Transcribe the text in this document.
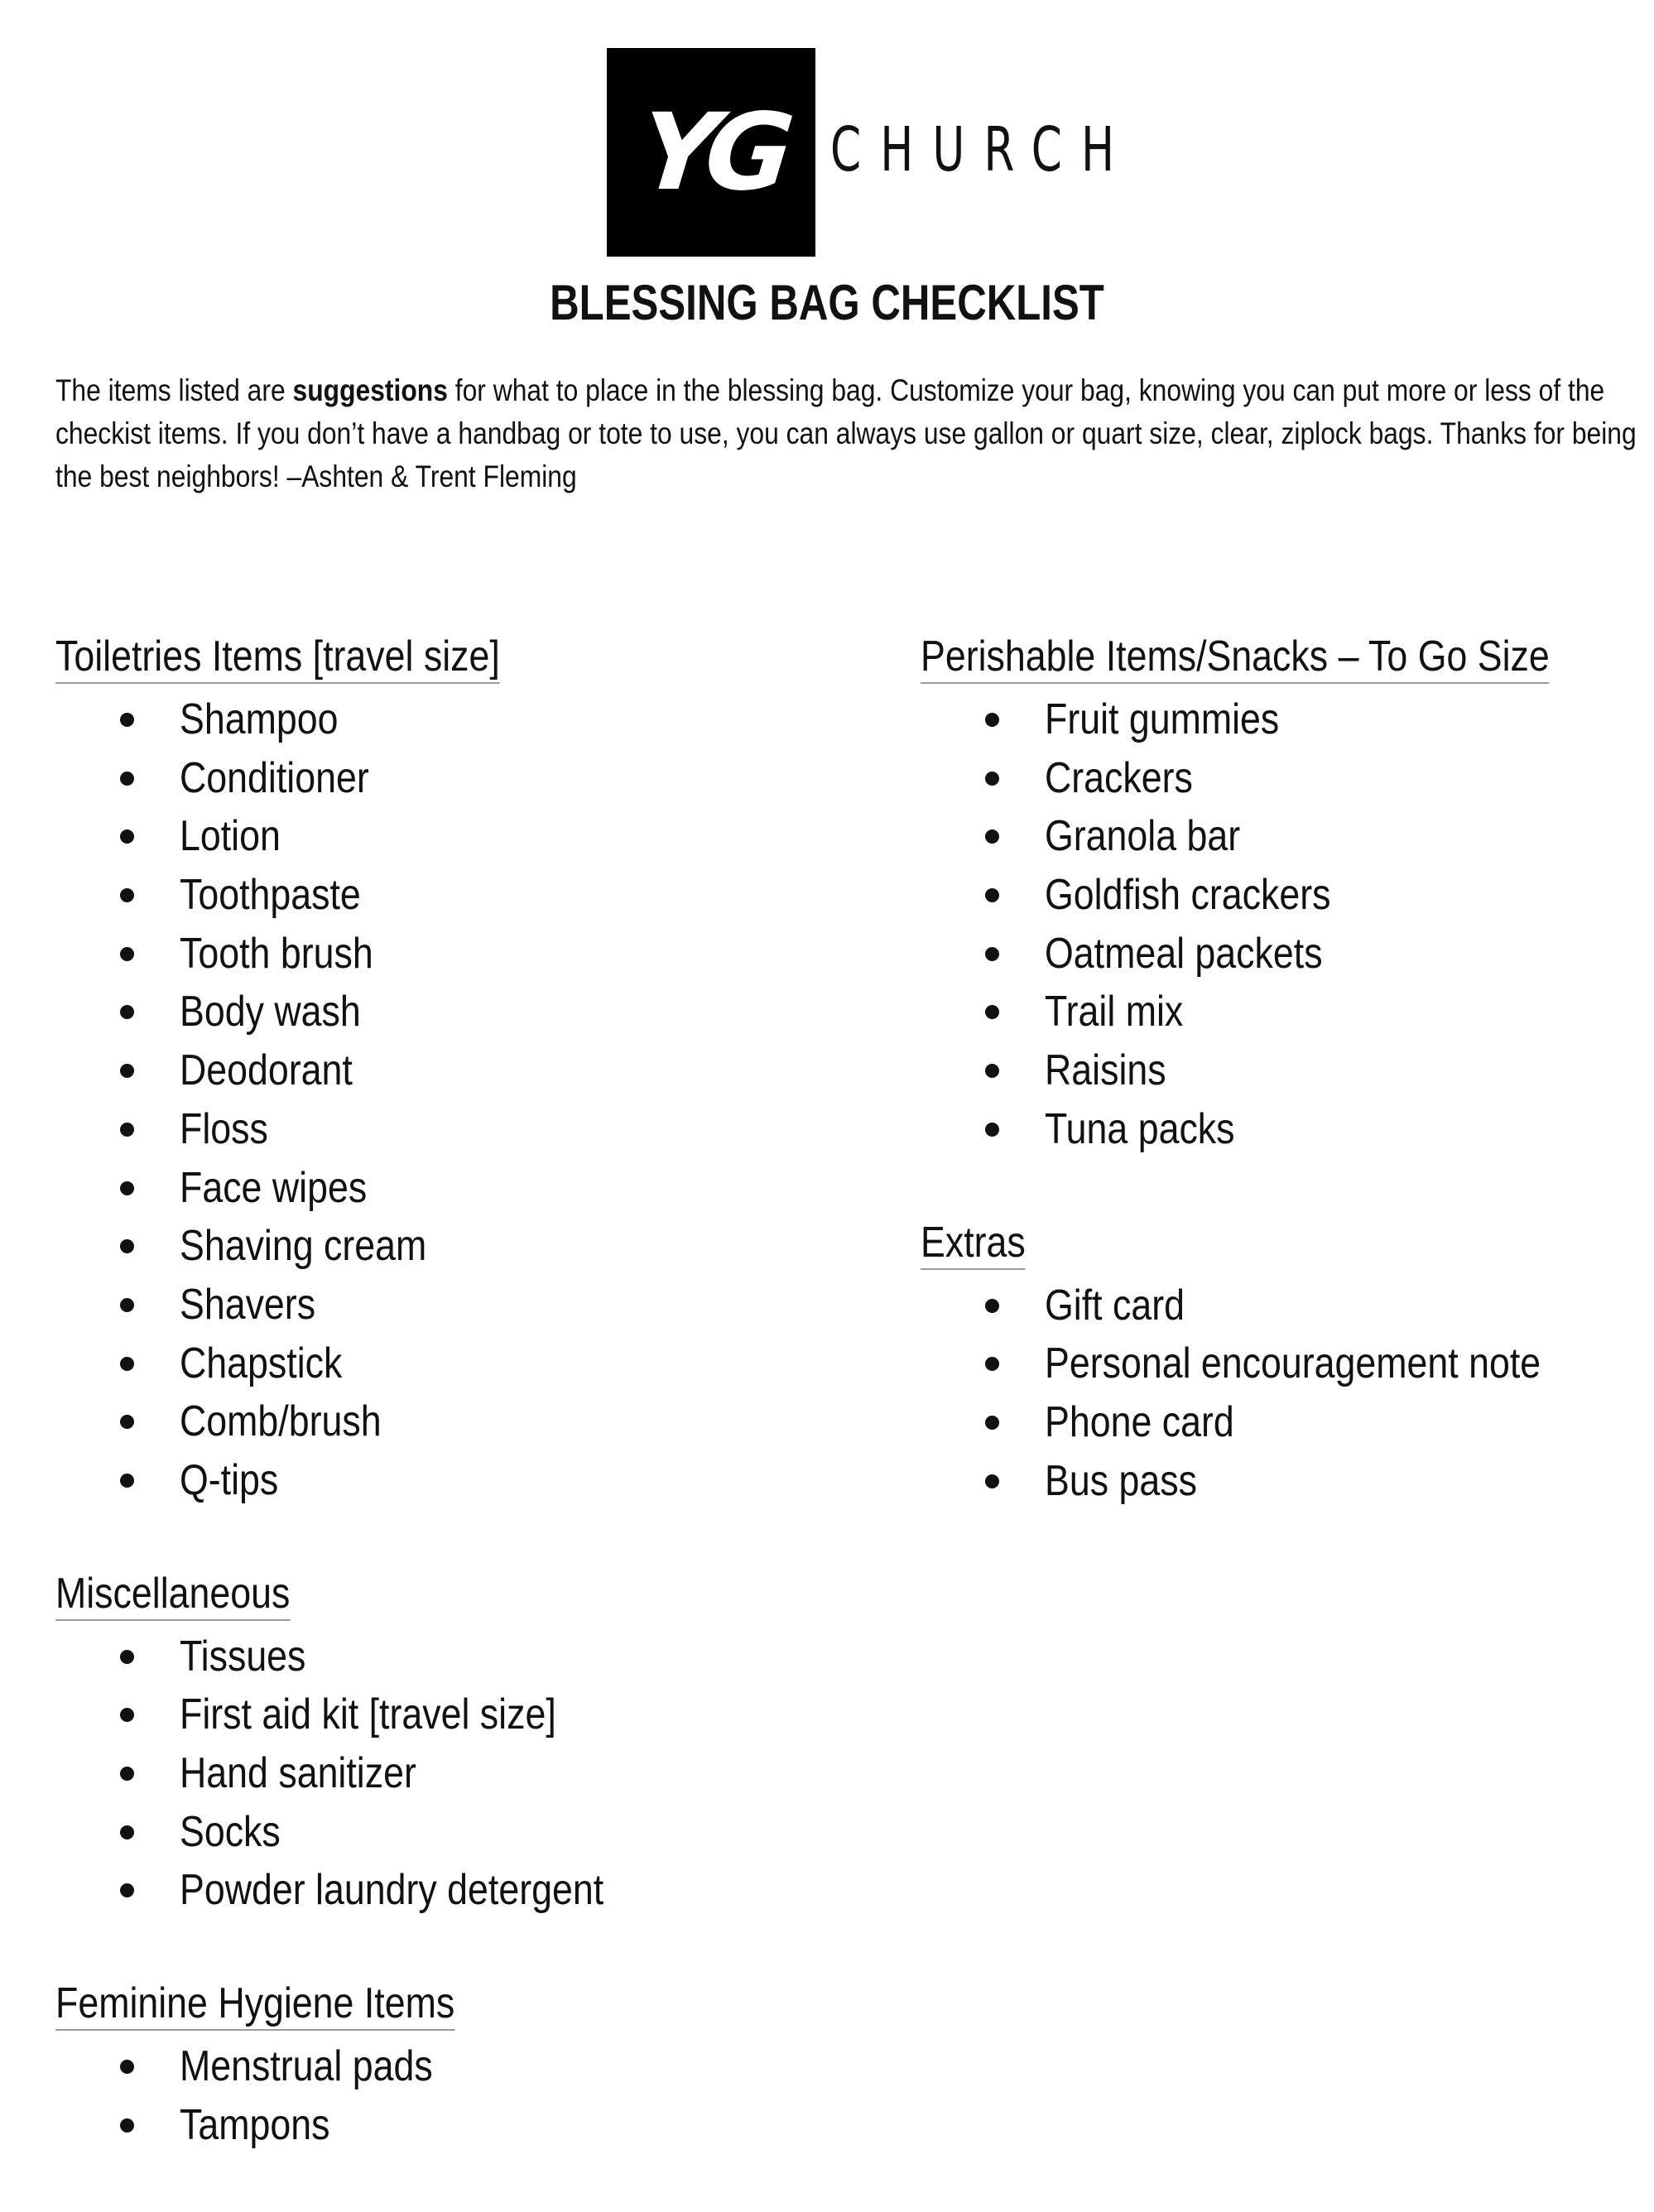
YG CHURCH
BLESSING BAG CHECKLIST

The items listed are suggestions for what to place in the blessing bag. Customize your bag, knowing you can put more or less of the checkist items. If you don’t have a handbag or tote to use, you can always use gallon or quart size, clear, ziplock bags. Thanks for being the best neighbors! –Ashten & Trent Fleming

Toiletries Items [travel size]
Shampoo
Conditioner
Lotion
Toothpaste
Tooth brush
Body wash
Deodorant
Floss
Face wipes
Shaving cream
Shavers
Chapstick
Comb/brush
Q-tips
Miscellaneous
Tissues
First aid kit [travel size]
Hand sanitizer
Socks
Powder laundry detergent
Feminine Hygiene Items
Menstrual pads
Tampons
Perishable Items/Snacks – To Go Size
Fruit gummies
Crackers
Granola bar
Goldfish crackers
Oatmeal packets
Trail mix
Raisins
Tuna packs
Extras
Gift card
Personal encouragement note
Phone card
Bus pass
